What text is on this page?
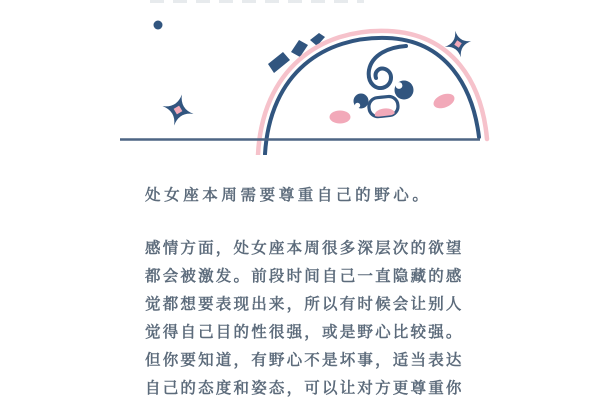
处女座本周需要尊重自己的野心。
感情方面，处女座本周很多深层次的欲望
都会被激发。前段时间自己一直隐藏的感
觉都想要表现出来，所以有时候会让别人
觉得自己目的性很强，或是野心比较强。
但你要知道，有野心不是坏事，适当表达
自己的态度和姿态，可以让对方更尊重你
